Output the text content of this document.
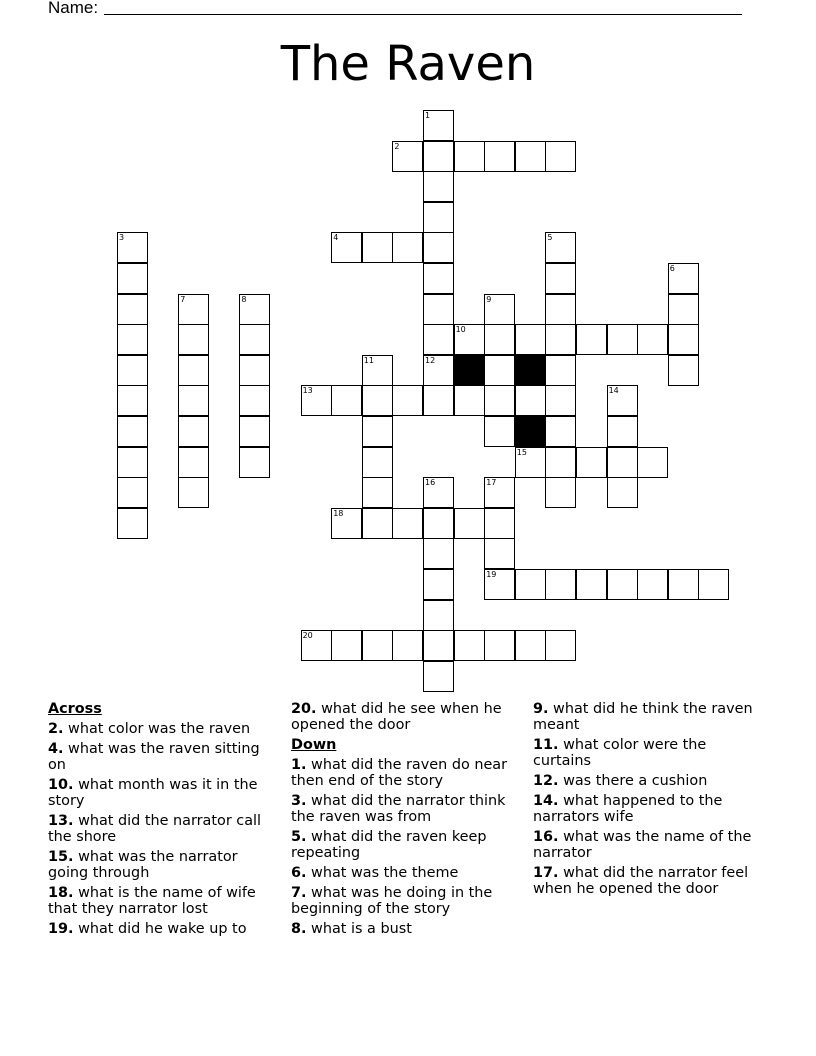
Name:
The Raven
1
2
3	4	5
6
7	8	9
10
11	12
13	14
15
16	17
18
19
20
Across
2. what color was the raven
4. what was the raven sitting on
10. what month was it in the story
13. what did the narrator call the shore
15. what was the narrator going through
18. what is the name of wife that they narrator lost
19. what did he wake up to
20. what did he see when he opened the door
Down
1. what did the raven do near then end of the story
3. what did the narrator think the raven was from
5. what did the raven keep repeating
6. what was the theme
7. what was he doing in the beginning of the story
8. what is a bust
9. what did he think the raven meant
11. what color were the curtains
12. was there a cushion
14. what happened to the narrators wife
16. what was the name of the narrator
17. what did the narrator feel when he opened the door
